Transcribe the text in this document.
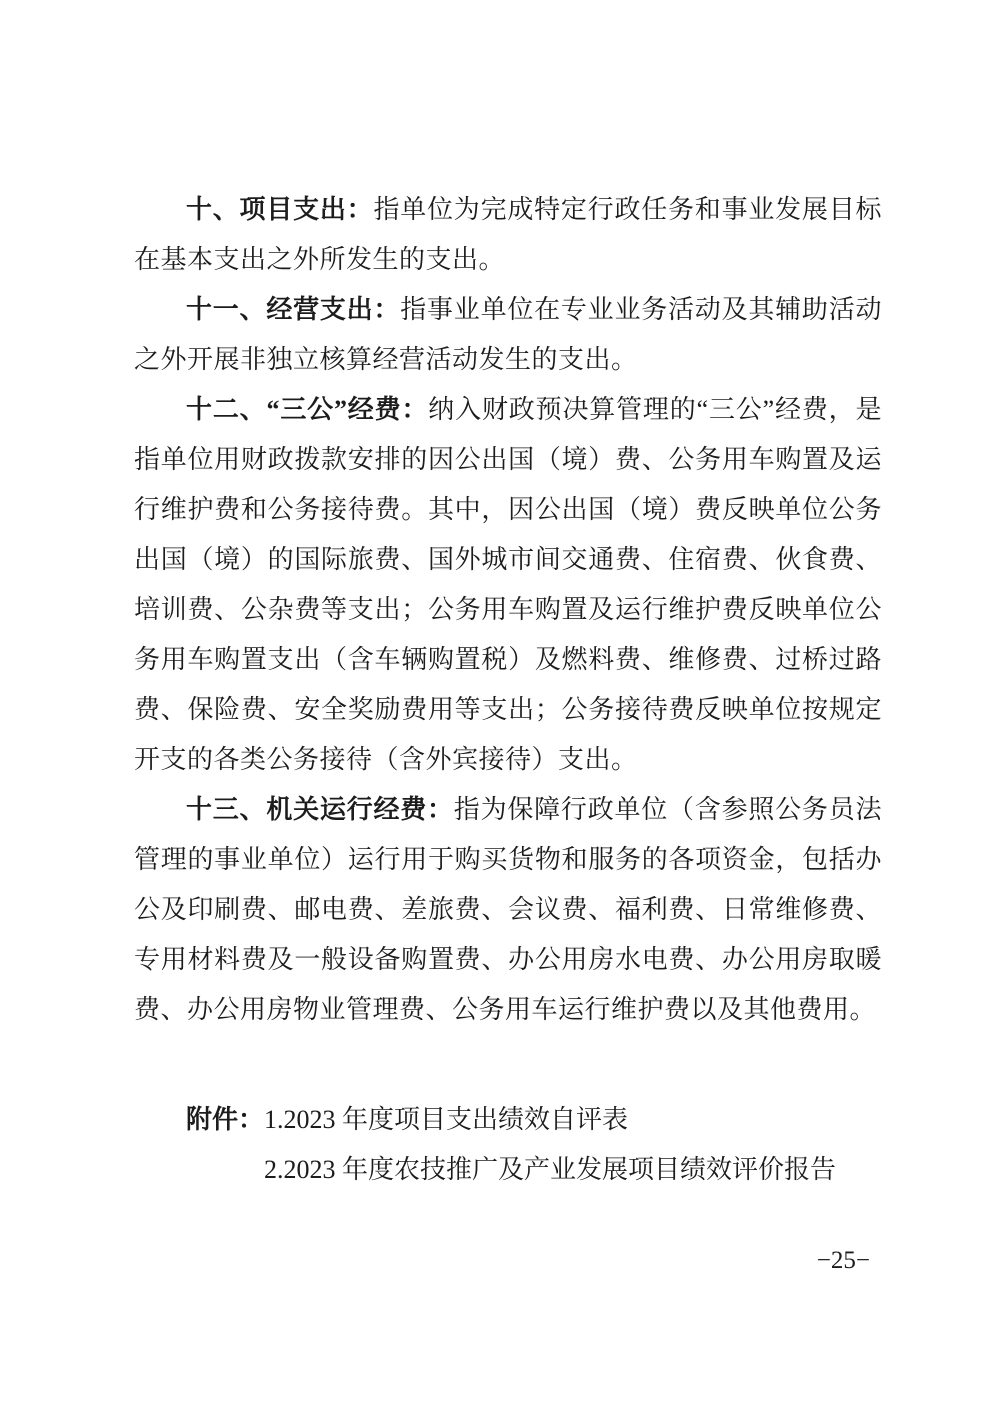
十、项目支出：指单位为完成特定行政任务和事业发展目标在基本支出之外所发生的支出。

十一、经营支出：指事业单位在专业业务活动及其辅助活动之外开展非独立核算经营活动发生的支出。

十二、“三公”经费：纳入财政预决算管理的“三公”经费，是指单位用财政拨款安排的因公出国（境）费、公务用车购置及运行维护费和公务接待费。其中，因公出国（境）费反映单位公务出国（境）的国际旅费、国外城市间交通费、住宿费、伙食费、培训费、公杂费等支出；公务用车购置及运行维护费反映单位公务用车购置支出（含车辆购置税）及燃料费、维修费、过桥过路费、保险费、安全奖励费用等支出；公务接待费反映单位按规定开支的各类公务接待（含外宾接待）支出。

十三、机关运行经费：指为保障行政单位（含参照公务员法管理的事业单位）运行用于购买货物和服务的各项资金，包括办公及印刷费、邮电费、差旅费、会议费、福利费、日常维修费、专用材料费及一般设备购置费、办公用房水电费、办公用房取暖费、办公用房物业管理费、公务用车运行维护费以及其他费用。

附件： 1.2023 年度项目支出绩效自评表
2.2023 年度农技推广及产业发展项目绩效评价报告
−25−
